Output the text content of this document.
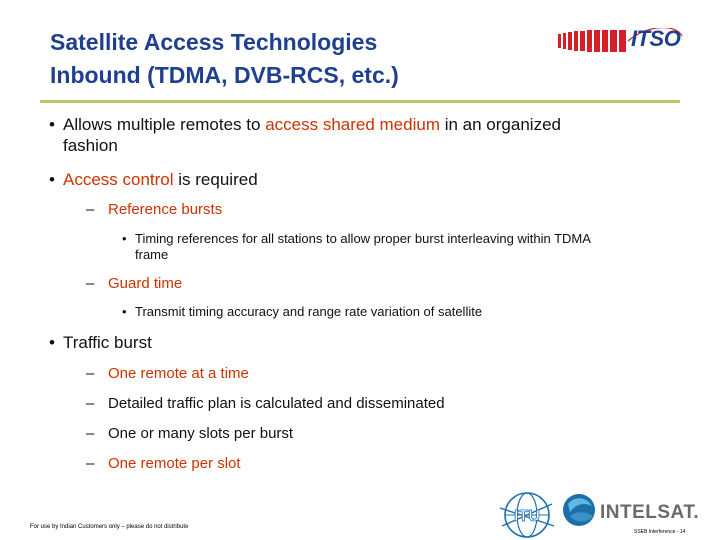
Satellite Access Technologies
Inbound (TDMA, DVB-RCS, etc.)
ITSO
• Allows multiple remotes to access shared medium in an organized
fashion
• Access control is required
– Reference bursts
• Timing references for all stations to allow proper burst interleaving within TDMA
frame
– Guard time
• Transmit timing accuracy and range rate variation of satellite
• Traffic burst
– One remote at a time
– Detailed traffic plan is calculated and disseminated
– One or many slots per burst
– One remote per slot
For use by Indian Customers only – please do not distribute
ITU	INTELSAT.
SSEB Interference - 14
